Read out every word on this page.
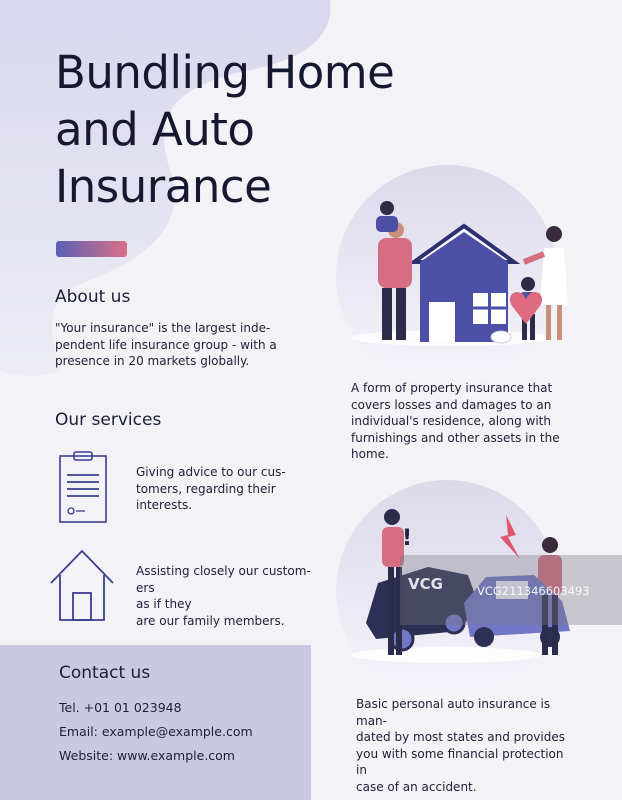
Bundling Home
and Auto
Insurance
About us

"Your insurance" is the largest inde-
pendent life insurance group - with a
presence in 20 markets globally.

Our services

Giving advice to our cus-
tomers, regarding their
interests.

Assisting closely our custom-ers
as if they
are our family members.

Contact us
Tel. +01 01 023948
Email: example@example.com
Website: www.example.com

A form of property insurance that
covers losses and damages to an
individual's residence, along with
furnishings and other assets in the
home.

!

Basic personal auto insurance is man-
dated by most states and provides
you with some financial protection in
case of an accident.

VCG	VCG211346603493
